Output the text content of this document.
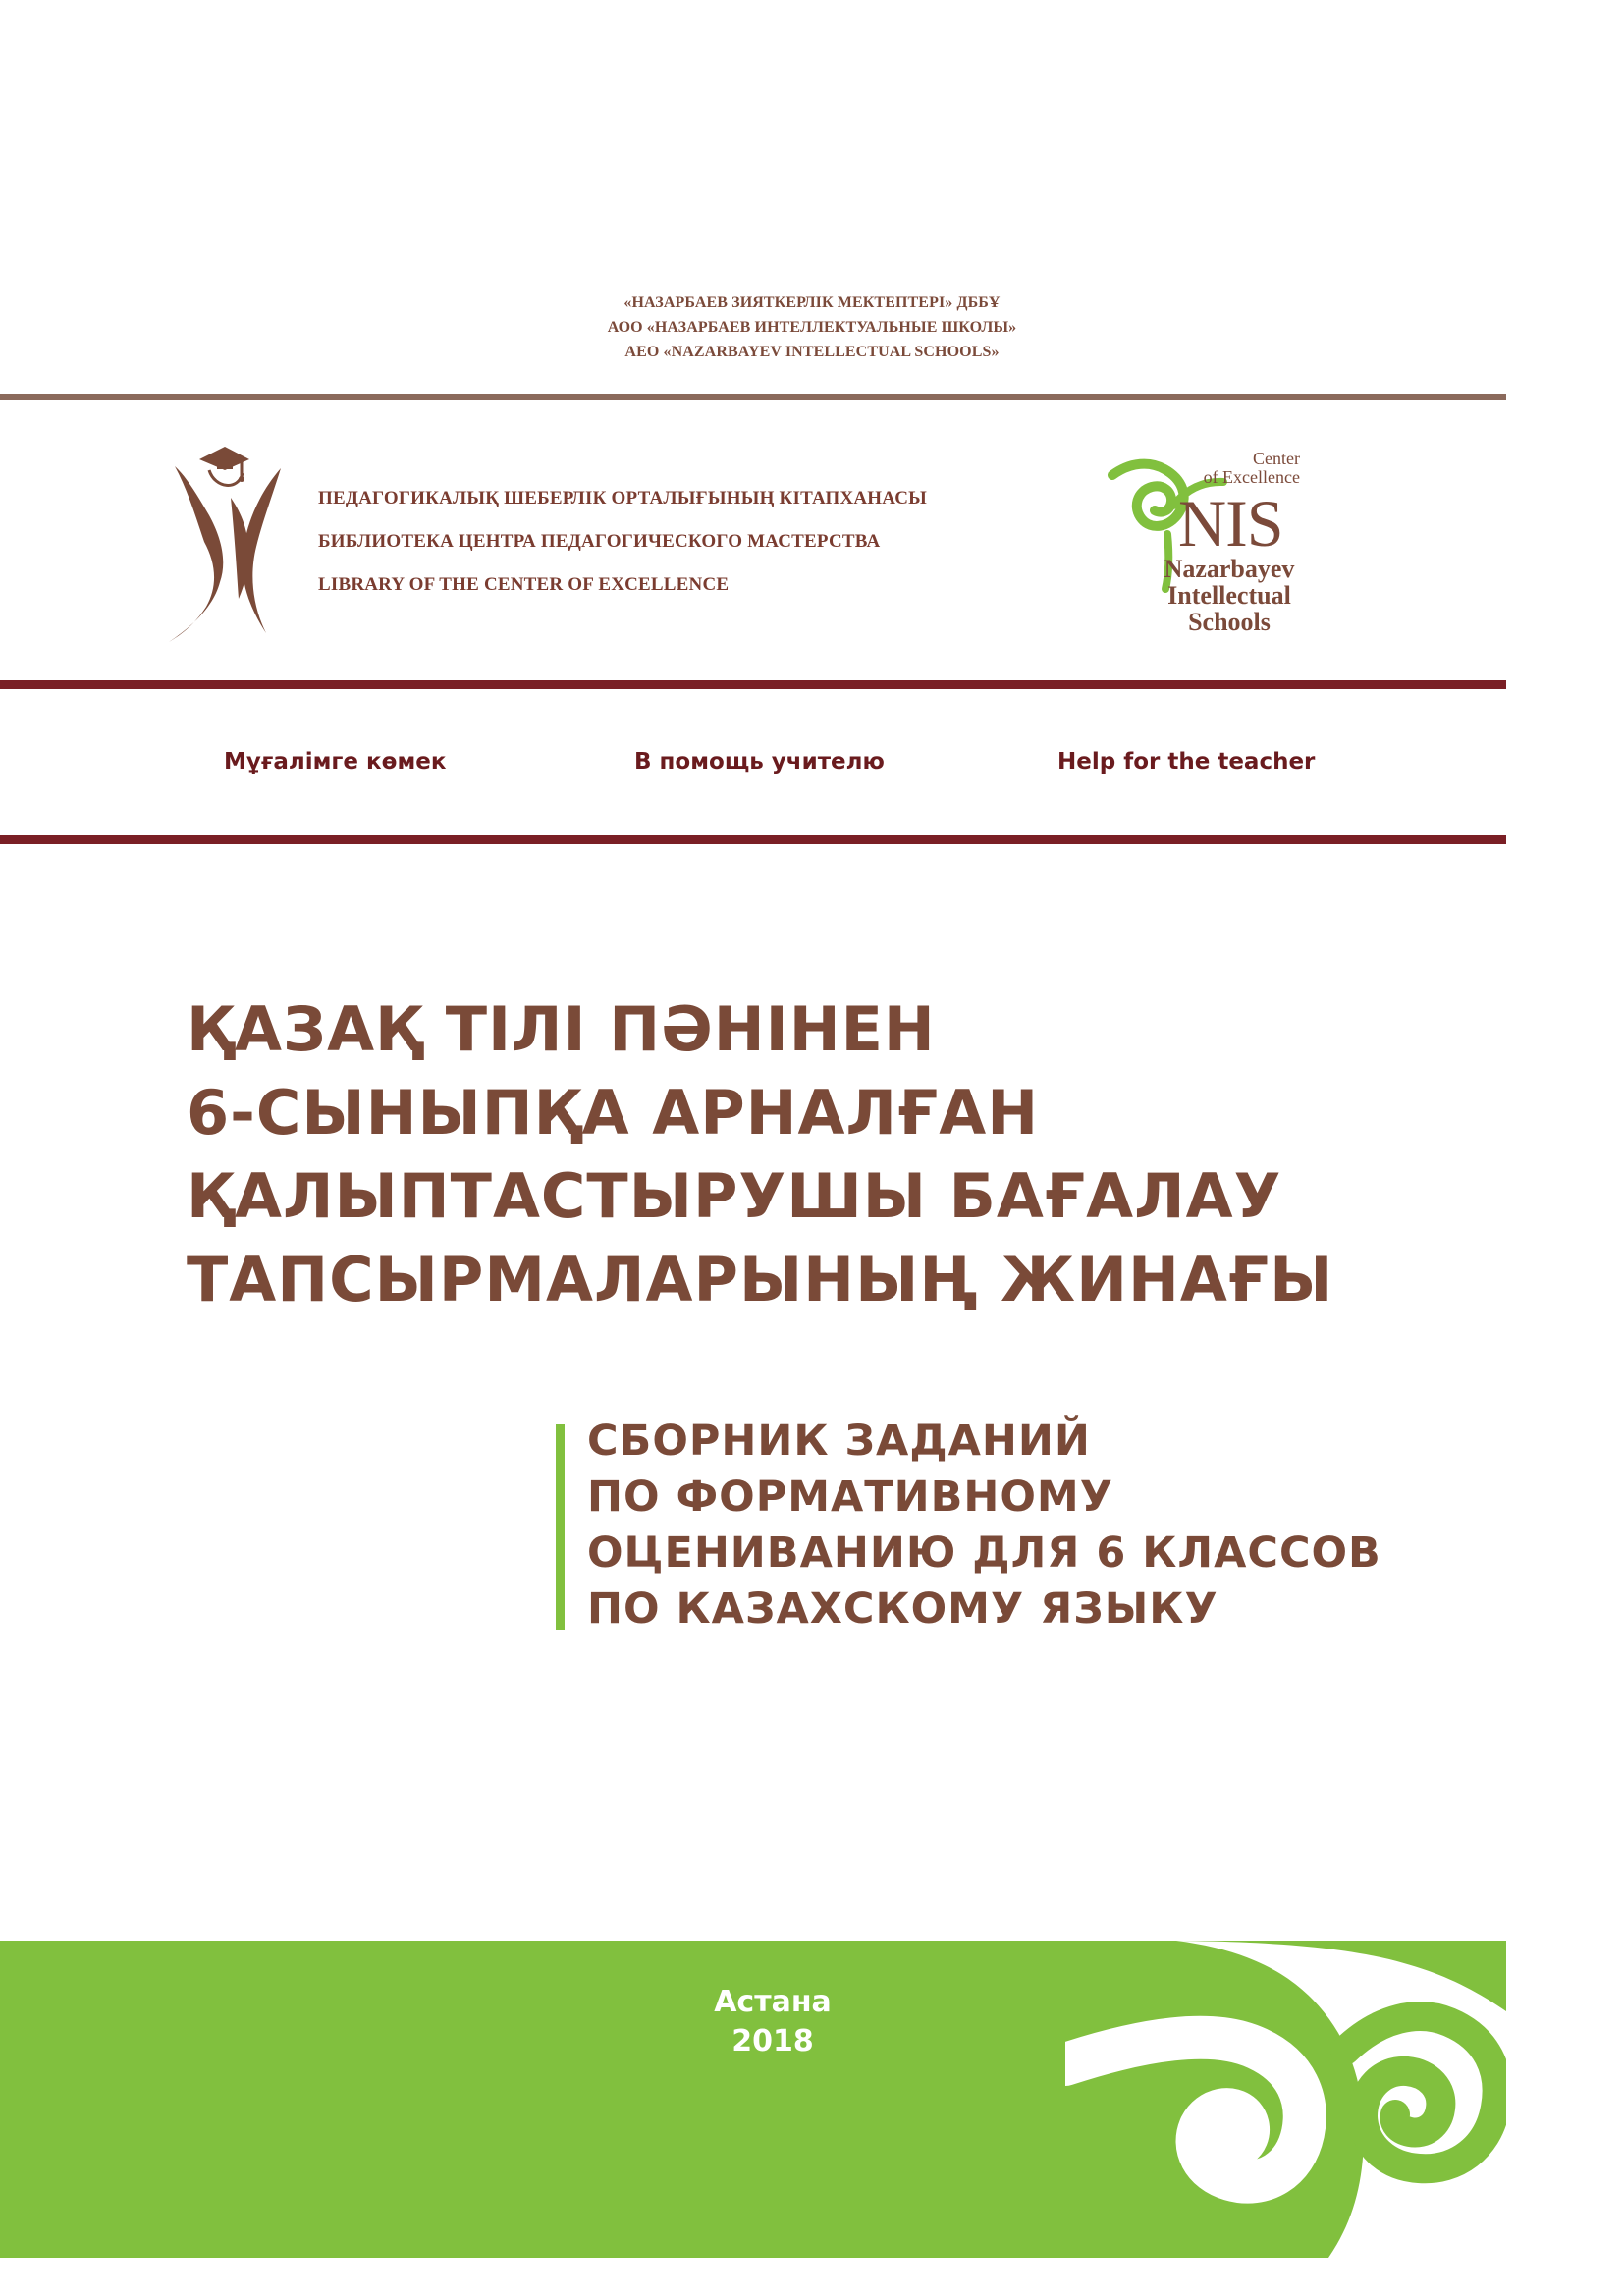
«НАЗАРБАЕВ ЗИЯТКЕРЛІК МЕКТЕПТЕРІ» ДББҰ
АОО «НАЗАРБАЕВ ИНТЕЛЛЕКТУАЛЬНЫЕ ШКОЛЫ»
АЕО «NAZARBAYEV INTELLECTUAL SCHOOLS»
ПЕДАГОГИКАЛЫҚ ШЕБЕРЛІК ОРТАЛЫҒЫНЫҢ КІТАПХАНАСЫ
БИБЛИОТЕКА ЦЕНТРА ПЕДАГОГИЧЕСКОГО МАСТЕРСТВА
LIBRARY OF THE CENTER OF EXCELLENCE
Center
of Excellence
NIS
Nazarbayev
Intellectual
Schools
Мұғалімге көмек	В помощь учителю	Help for the teacher
ҚАЗАҚ ТІЛІ ПӘНІНЕН
6-СЫНЫПҚА АРНАЛҒАН
ҚАЛЫПТАСТЫРУШЫ БАҒАЛАУ
ТАПСЫРМАЛАРЫНЫҢ ЖИНАҒЫ
СБОРНИК ЗАДАНИЙ
ПО ФОРМАТИВНОМУ
ОЦЕНИВАНИЮ ДЛЯ 6 КЛАССОВ
ПО КАЗАХСКОМУ ЯЗЫКУ
Астана
2018
